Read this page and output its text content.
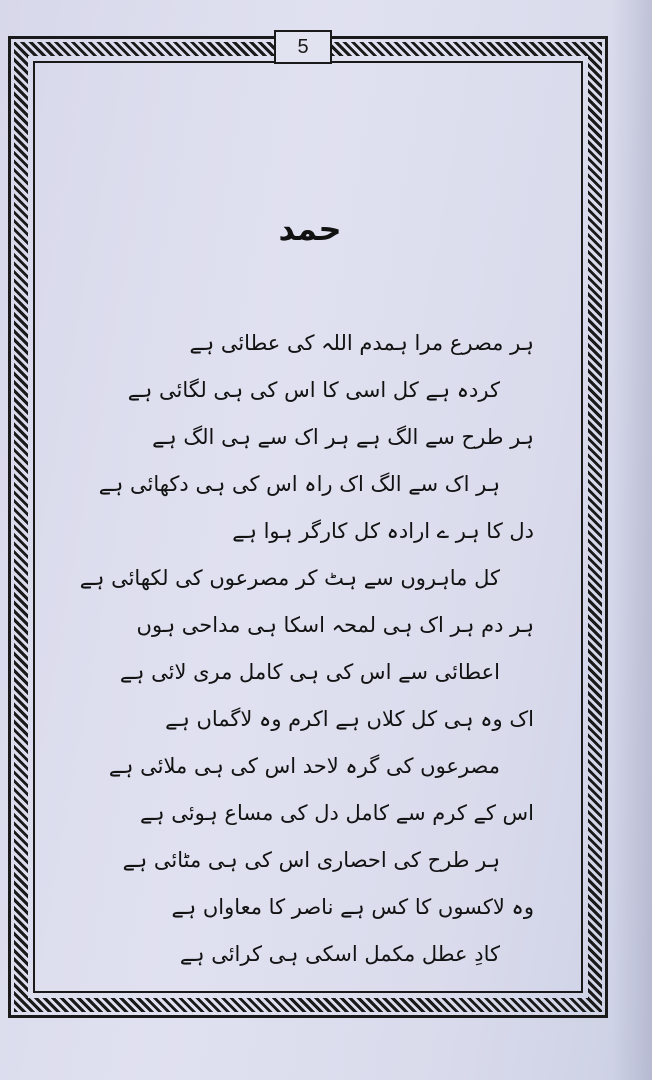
5
حمد
ہر مصرع مرا ہمدم اللہ کی عطائی ہے
کردہ ہے کل اسی کا اس کی ہی لگائی ہے
ہر طرح سے الگ ہے ہر اک سے ہی الگ ہے
ہر اک سے الگ اک راہ اس کی ہی دکھائی ہے
دل کا ہر ے ارادہ کل کارگر ہوا ہے
کل ماہروں سے ہٹ کر مصرعوں کی لکھائی ہے
ہر دم ہر اک ہی لمحہ اسکا ہی مداحی ہوں
اعطائی سے اس کی ہی کامل مری لائی ہے
اک وہ ہی کل کلاں ہے اکرم وہ لاگماں ہے
مصرعوں کی گرہ لاحد اس کی ہی ملائی ہے
اس کے کرم سے کامل دل کی مساع ہوئی ہے
ہر طرح کی احصاری اس کی ہی مٹائی ہے
وہ لاکسوں کا کس ہے ناصر کا معاواں ہے
کادِ عطل مکمل اسکی ہی کرائی ہے
